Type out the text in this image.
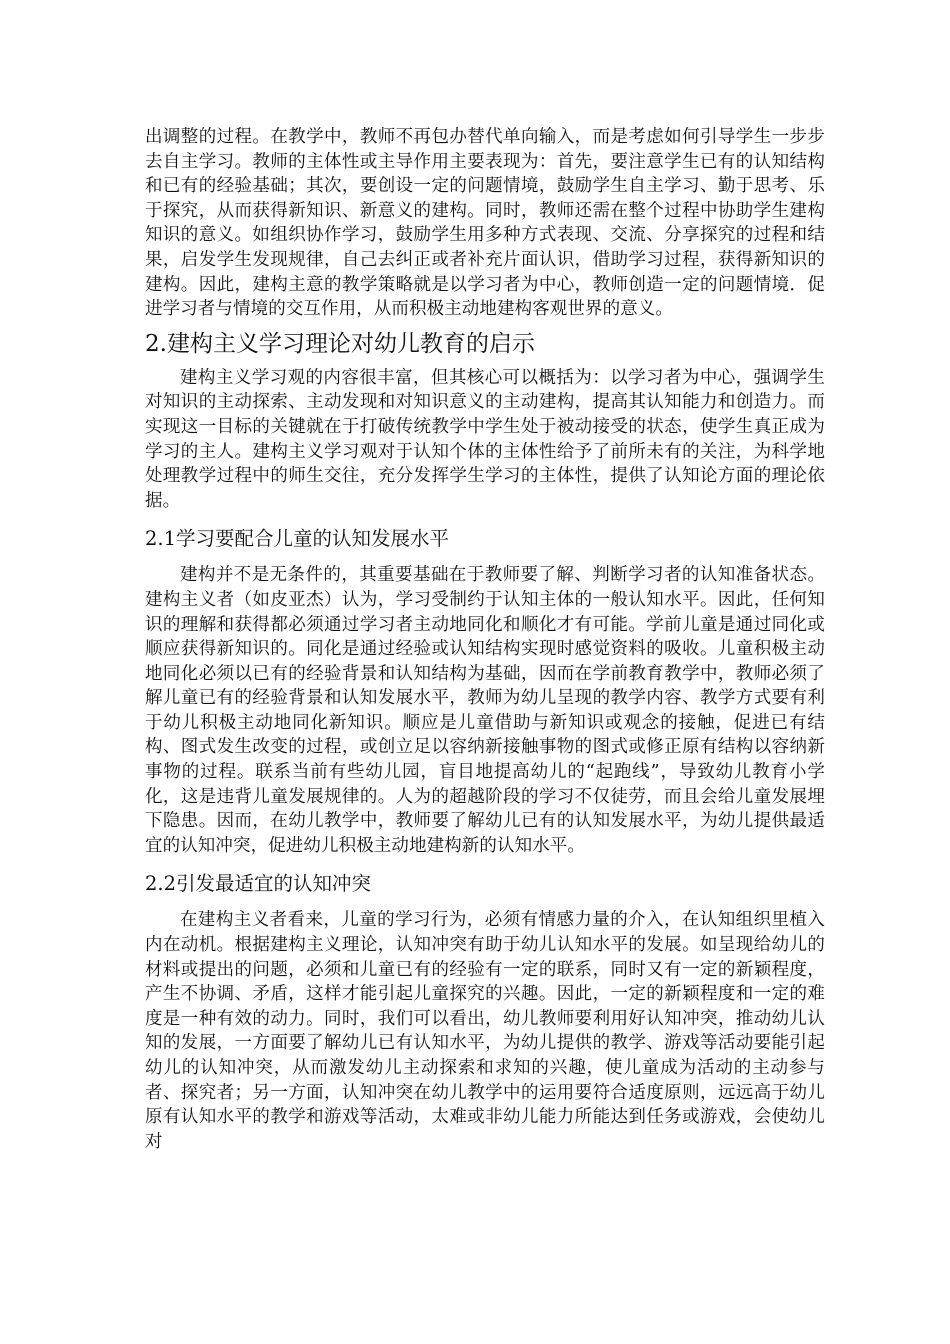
出调整的过程。在教学中，教师不再包办替代单向输入，而是考虑如何引导学生一步步去自主学习。教师的主体性或主导作用主要表现为：首先，要注意学生已有的认知结构和已有的经验基础；其次，要创设一定的问题情境，鼓励学生自主学习、勤于思考、乐于探究，从而获得新知识、新意义的建构。同时，教师还需在整个过程中协助学生建构知识的意义。如组织协作学习，鼓励学生用多种方式表现、交流、分享探究的过程和结果，启发学生发现规律，自己去纠正或者补充片面认识，借助学习过程，获得新知识的建构。因此，建构主意的教学策略就是以学习者为中心，教师创造一定的问题情境．促进学习者与情境的交互作用，从而积极主动地建构客观世界的意义。

2.建构主义学习理论对幼儿教育的启示

建构主义学习观的内容很丰富，但其核心可以概括为：以学习者为中心，强调学生对知识的主动探索、主动发现和对知识意义的主动建构，提高其认知能力和创造力。而实现这一目标的关键就在于打破传统教学中学生处于被动接受的状态，使学生真正成为学习的主人。建构主义学习观对于认知个体的主体性给予了前所未有的关注，为科学地处理教学过程中的师生交往，充分发挥学生学习的主体性，提供了认知论方面的理论依据。

2.1学习要配合儿童的认知发展水平

建构并不是无条件的，其重要基础在于教师要了解、判断学习者的认知准备状态。建构主义者（如皮亚杰）认为，学习受制约于认知主体的一般认知水平。因此，任何知识的理解和获得都必须通过学习者主动地同化和顺化才有可能。学前儿童是通过同化或顺应获得新知识的。同化是通过经验或认知结构实现时感觉资料的吸收。儿童积极主动地同化必须以已有的经验背景和认知结构为基础，因而在学前教育教学中，教师必须了解儿童已有的经验背景和认知发展水平，教师为幼儿呈现的教学内容、教学方式要有利于幼儿积极主动地同化新知识。顺应是儿童借助与新知识或观念的接触，促进已有结构、图式发生改变的过程，或创立足以容纳新接触事物的图式或修正原有结构以容纳新事物的过程。联系当前有些幼儿园，盲目地提高幼儿的“起跑线”，导致幼儿教育小学化，这是违背儿童发展规律的。人为的超越阶段的学习不仅徒劳，而且会给儿童发展埋下隐患。因而，在幼儿教学中，教师要了解幼儿已有的认知发展水平，为幼儿提供最适宜的认知冲突，促进幼儿积极主动地建构新的认知水平。

2.2引发最适宜的认知冲突

在建构主义者看来，儿童的学习行为，必须有情感力量的介入，在认知组织里植入内在动机。根据建构主义理论，认知冲突有助于幼儿认知水平的发展。如呈现给幼儿的材料或提出的问题，必须和儿童已有的经验有一定的联系，同时又有一定的新颖程度，产生不协调、矛盾，这样才能引起儿童探究的兴趣。因此，一定的新颖程度和一定的难度是一种有效的动力。同时，我们可以看出，幼儿教师要利用好认知冲突，推动幼儿认知的发展，一方面要了解幼儿已有认知水平，为幼儿提供的教学、游戏等活动要能引起幼儿的认知冲突，从而激发幼儿主动探索和求知的兴趣，使儿童成为活动的主动参与者、探究者；另一方面，认知冲突在幼儿教学中的运用要符合适度原则，远远高于幼儿原有认知水平的教学和游戏等活动，太难或非幼儿能力所能达到任务或游戏，会使幼儿对
